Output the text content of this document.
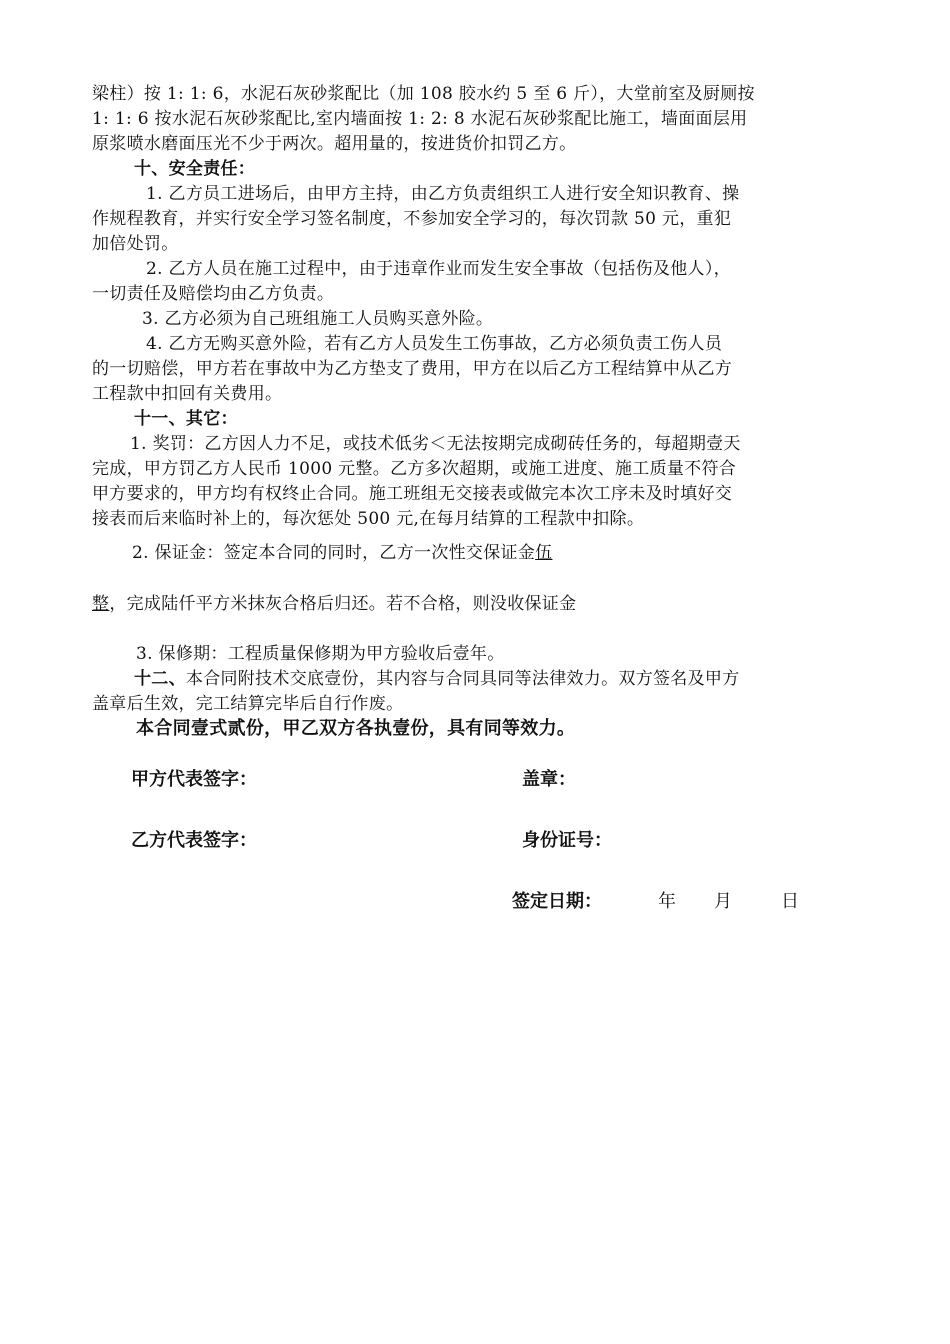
梁柱）按 1: 1: 6，水泥石灰砂浆配比（加 108 胶水约 5 至 6 斤），大堂前室及厨厕按
1: 1: 6 按水泥石灰砂浆配比,室内墙面按 1: 2: 8 水泥石灰砂浆配比施工，墙面面层用
原浆喷水磨面压光不少于两次。超用量的，按进货价扣罚乙方。
十、安全责任：
1. 乙方员工进场后，由甲方主持，由乙方负责组织工人进行安全知识教育、操
作规程教育，并实行安全学习签名制度，不参加安全学习的，每次罚款 50 元，重犯
加倍处罚。
2. 乙方人员在施工过程中，由于违章作业而发生安全事故（包括伤及他人），
一切责任及赔偿均由乙方负责。
3. 乙方必须为自己班组施工人员购买意外险。
4. 乙方无购买意外险，若有乙方人员发生工伤事故，乙方必须负责工伤人员
的一切赔偿，甲方若在事故中为乙方垫支了费用，甲方在以后乙方工程结算中从乙方
工程款中扣回有关费用。
十一、其它：
1. 奖罚：乙方因人力不足，或技术低劣＜无法按期完成砌砖任务的，每超期壹天
完成，甲方罚乙方人民币 1000 元整。乙方多次超期，或施工进度、施工质量不符合
甲方要求的，甲方均有权终止合同。施工班组无交接表或做完本次工序未及时填好交
接表而后来临时补上的，每次惩处 500 元,在每月结算的工程款中扣除。
2. 保证金：签定本合同的同时，乙方一次性交保证金伍
整，完成陆仟平方米抹灰合格后归还。若不合格，则没收保证金
3. 保修期：工程质量保修期为甲方验收后壹年。
十二、本合同附技术交底壹份，其内容与合同具同等法律效力。双方签名及甲方
盖章后生效，完工结算完毕后自行作废。
本合同壹式贰份，甲乙双方各执壹份，具有同等效力。
甲方代表签字：	盖章：
乙方代表签字：	身份证号：
签定日期：	年 月	日
